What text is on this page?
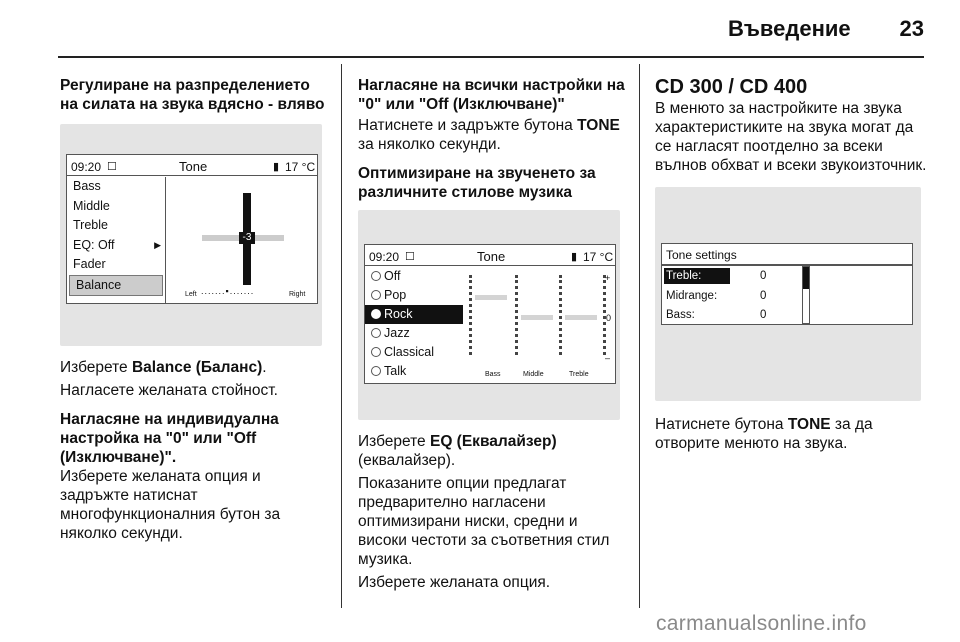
Въведение	23
Регулиране на разпределението на силата на звука вдясно - вляво
09:20 ☐	Tone	▮ 17 °C
Bass
Middle
Treble
EQ: Off	▶
Fader
Balance
-3
Left .......▪.......	Right

Изберете Balance (Баланс).

Нагласете желаната стойност.

Нагласяне на индивидуална настройка на "0" или "Off (Изключване)".

Изберете желаната опция и задръжте натиснат многофункционалния бутон за няколко секунди.

Нагласяне на всички настройки на "0" или "Off (Изключване)"

Натиснете и задръжте бутона TONE за няколко секунди.

Оптимизиране на звученето за различните стилове музика
09:20 ☐	Tone	▮ 17 °C
Off
Pop
Rock
Jazz
Classical
Talk
+
0
–
Bass	Middle	Treble

Изберете EQ (Еквалайзер) (еквалайзер).

Показаните опции предлагат предварително нагласени оптимизирани ниски, средни и високи честоти за съответния стил музика.

Изберете желаната опция.

CD 300 / CD 400

В менюто за настройките на звука характеристиките на звука могат да се нагласят поотделно за всеки вълнов обхват и всеки звукоизточник.

Tone settings
Treble:	0
Midrange:	0
Bass:	0

Натиснете бутона TONE за да отворите менюто на звука.

carmanualsonline.info
